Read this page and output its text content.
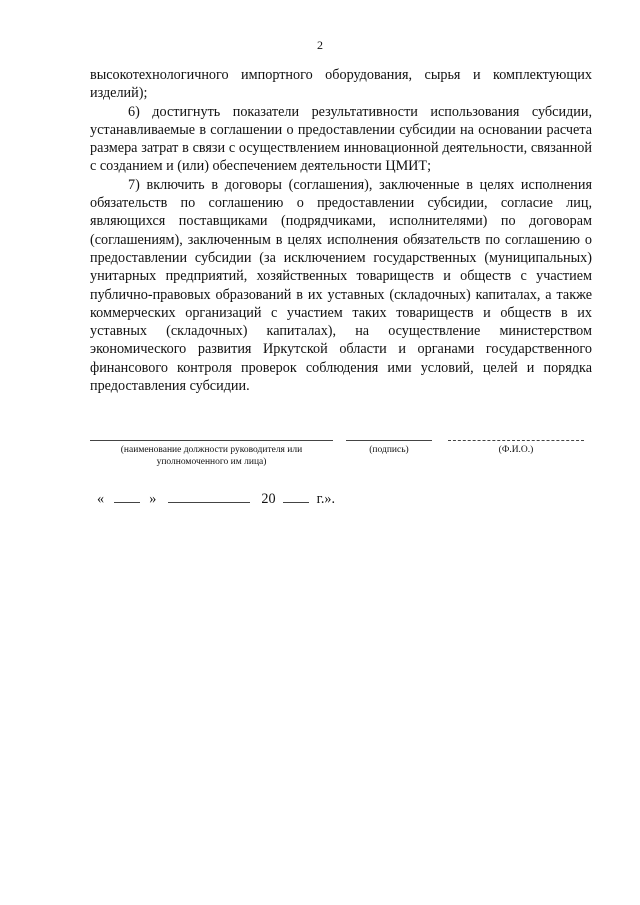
2

высокотехнологичного импортного оборудования, сырья и комплектующих изделий);

6) достигнуть показатели результативности использования субсидии, устанавливаемые в соглашении о предоставлении субсидии на основании расчета размера затрат в связи с осуществлением инновационной деятельности, связанной с созданием и (или) обеспечением деятельности ЦМИТ;

7) включить в договоры (соглашения), заключенные в целях исполнения обязательств по соглашению о предоставлении субсидии, согласие лиц, являющихся поставщиками (подрядчиками, исполнителями) по договорам (соглашениям), заключенным в целях исполнения обязательств по соглашению о предоставлении субсидии (за исключением государственных (муниципальных) унитарных предприятий, хозяйственных товариществ и обществ с участием публично-правовых образований в их уставных (складочных) капиталах, а также коммерческих организаций с участием таких товариществ и обществ в их уставных (складочных) капиталах), на осуществление министерством экономического развития Иркутской области и органами государственного финансового контроля проверок соблюдения ими условий, целей и порядка предоставления субсидии.

(наименование должности руководителя или уполномоченного им лица)
(подпись)	(Ф.И.О.)
«	»	20	г.».
